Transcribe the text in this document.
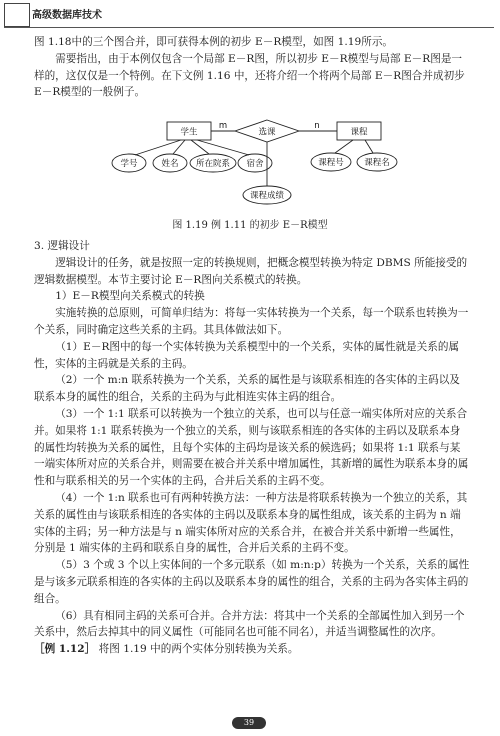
高级数据库技术

图 1.18中的三个图合并，即可获得本例的初步 E－R模型，如图 1.19所示。

需要指出，由于本例仅包含一个局部 E－R图，所以初步 E－R模型与局部 E－R图是一样的，这仅仅是一个特例。在下文例 1.16 中，还将介绍一个将两个局部 E－R图合并成初步 E－R模型的一般例子。

学生	课程
选课
m	n
学号	姓名 所在院系 宿舍	课程号 课程名
课程成绩
图 1.19 例 1.11 的初步 E－R模型

3. 逻辑设计

逻辑设计的任务，就是按照一定的转换规则，把概念模型转换为特定 DBMS 所能接受的逻辑数据模型。本节主要讨论 E－R图向关系模式的转换。

1）E－R模型向关系模式的转换

实施转换的总原则，可简单归结为：将每一实体转换为一个关系，每一个联系也转换为一个关系，同时确定这些关系的主码。其具体做法如下。

（1）E－R图中的每一个实体转换为关系模型中的一个关系，实体的属性就是关系的属性，实体的主码就是关系的主码。

（2）一个 m:n 联系转换为一个关系，关系的属性是与该联系相连的各实体的主码以及联系本身的属性的组合，关系的主码为与此相连实体主码的组合。

（3）一个 1:1 联系可以转换为一个独立的关系，也可以与任意一端实体所对应的关系合并。如果将 1:1 联系转换为一个独立的关系，则与该联系相连的各实体的主码以及联系本身的属性均转换为关系的属性，且每个实体的主码均是该关系的候选码；如果将 1:1 联系与某一端实体所对应的关系合并，则需要在被合并关系中增加属性，其新增的属性为联系本身的属性和与联系相关的另一个实体的主码，合并后关系的主码不变。

（4）一个 1:n 联系也可有两种转换方法：一种方法是将联系转换为一个独立的关系，其关系的属性由与该联系相连的各实体的主码以及联系本身的属性组成，该关系的主码为 n 端实体的主码；另一种方法是与 n 端实体所对应的关系合并，在被合并关系中新增一些属性，分别是 1 端实体的主码和联系自身的属性，合并后关系的主码不变。

（5）3 个或 3 个以上实体间的一个多元联系（如 m:n:p）转换为一个关系，关系的属性是与该多元联系相连的各实体的主码以及联系本身的属性的组合，关系的主码为各实体主码的组合。

（6）具有相同主码的关系可合并。合并方法：将其中一个关系的全部属性加入到另一个关系中，然后去掉其中的同义属性（可能同名也可能不同名），并适当调整属性的次序。

［例 1.12］ 将图 1.19 中的两个实体分别转换为关系。

39
